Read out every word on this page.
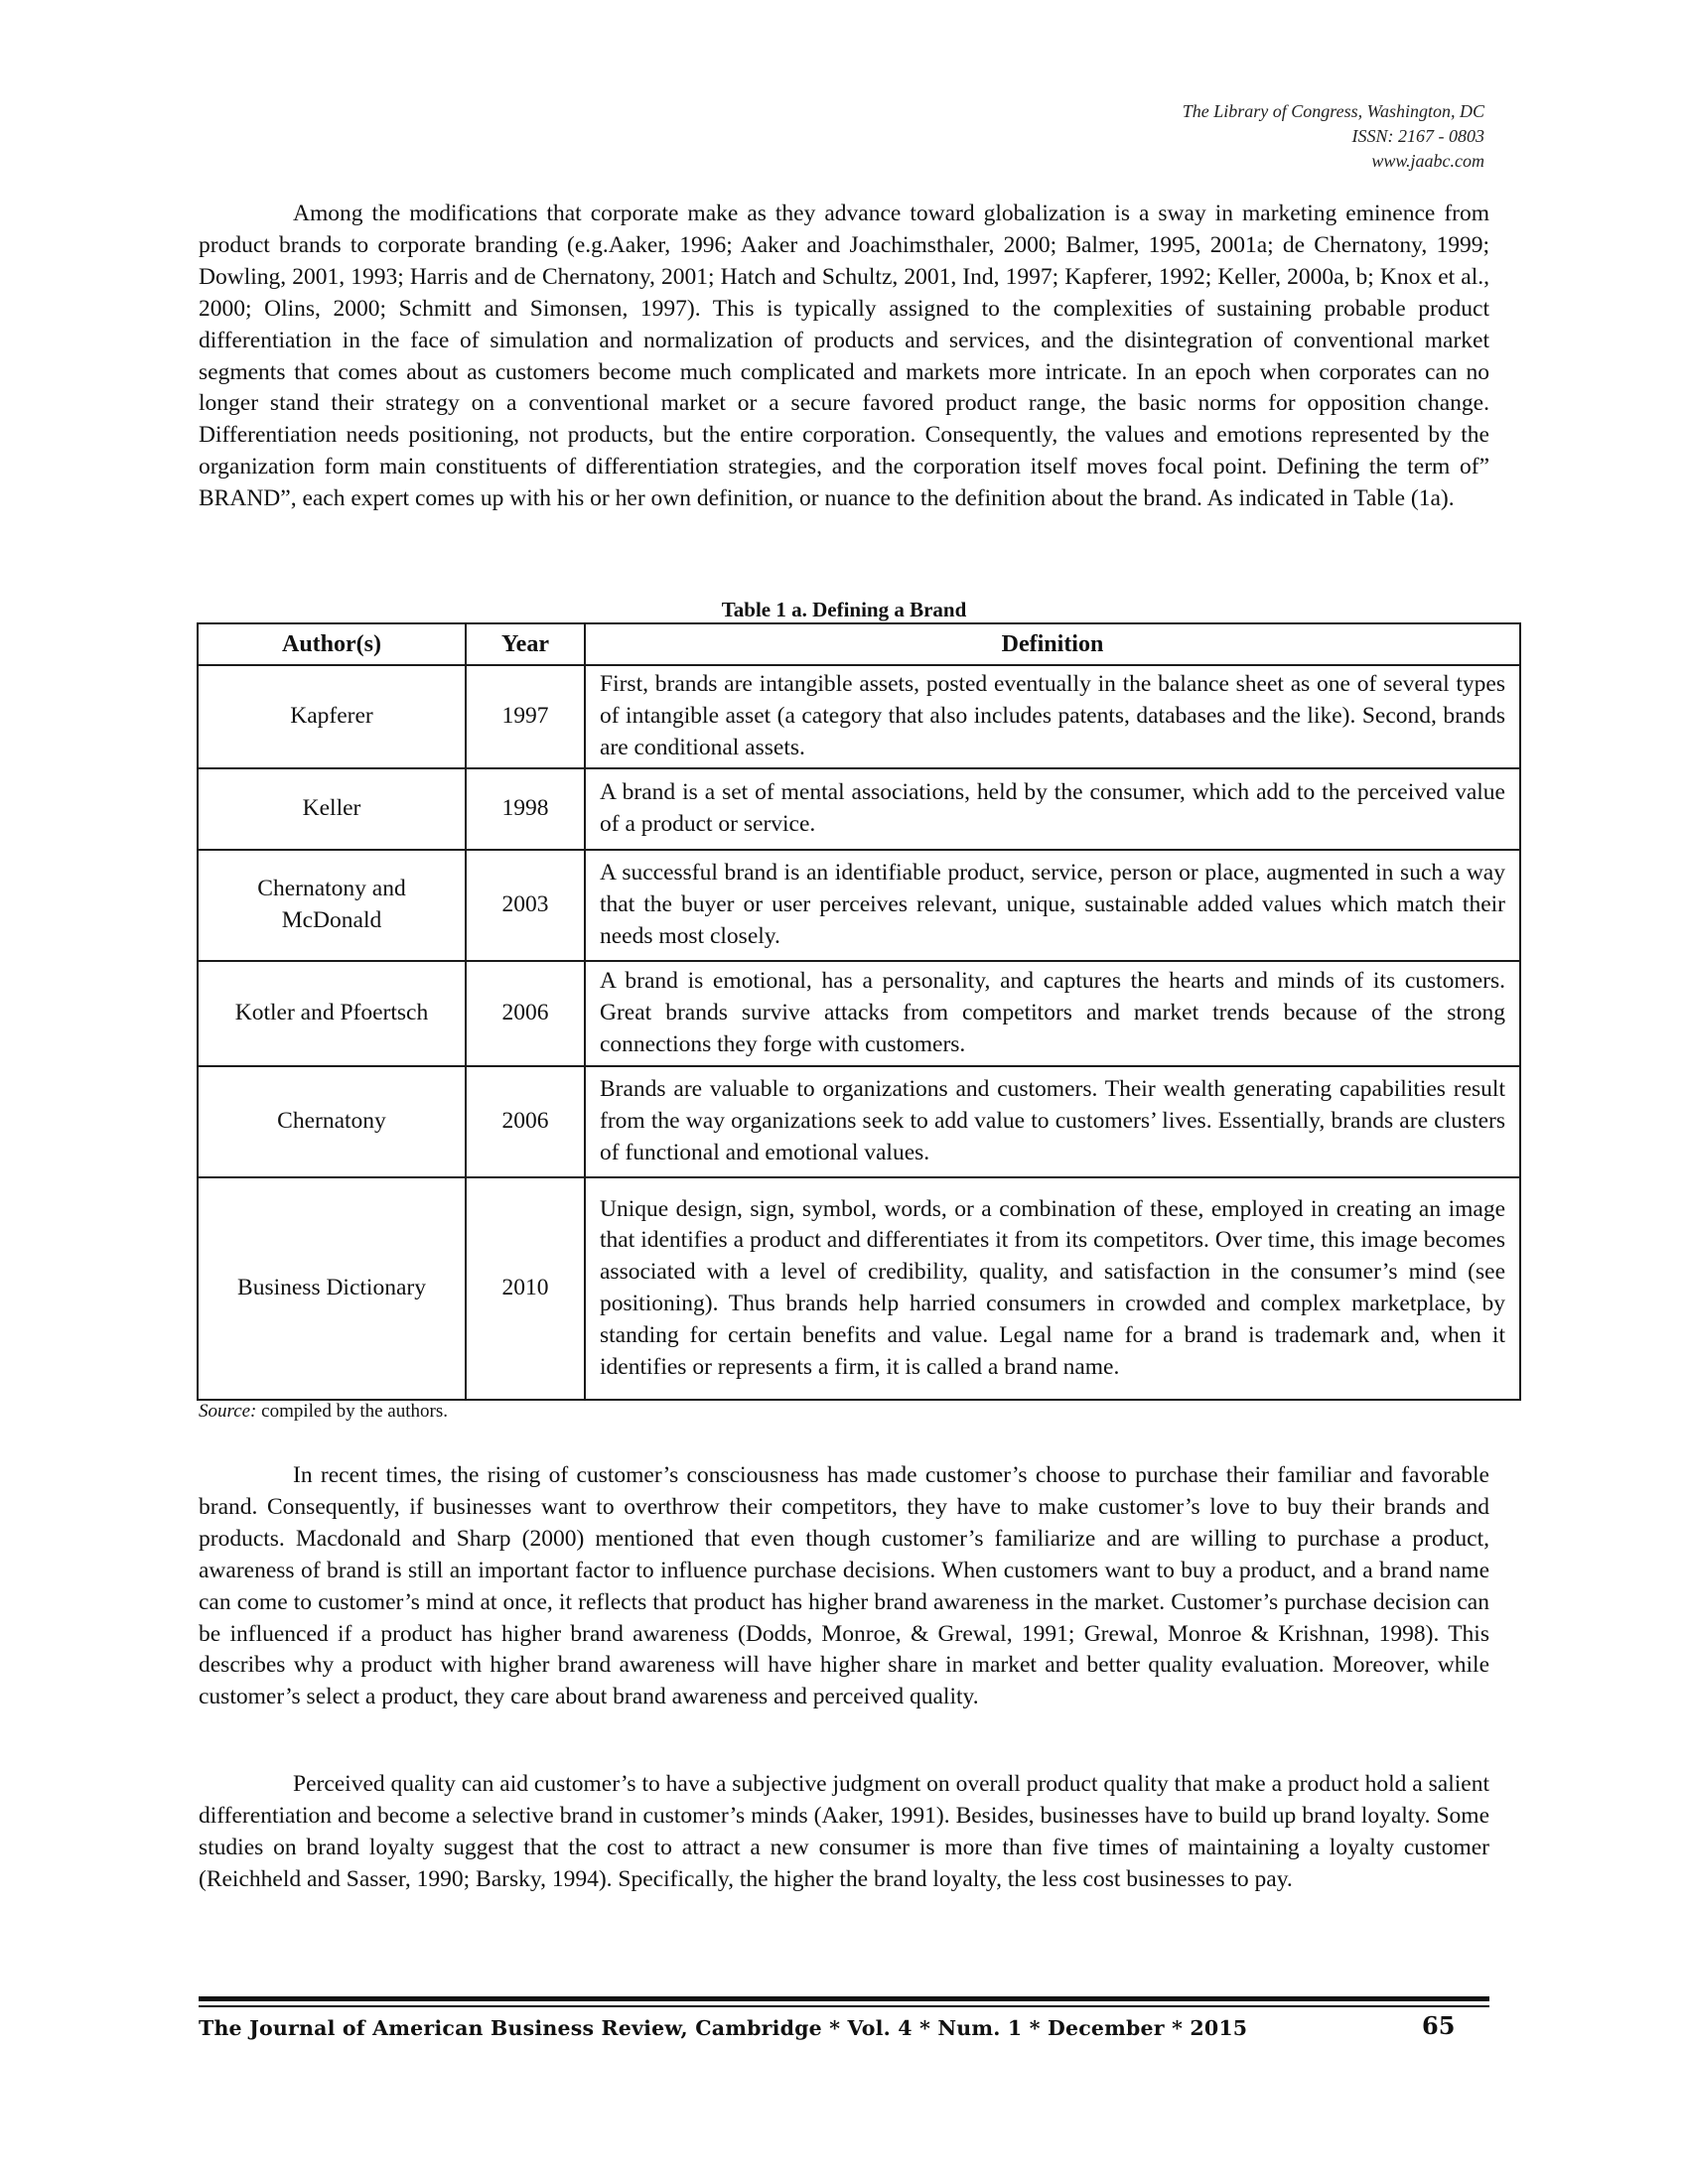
The Library of Congress, Washington, DC
ISSN: 2167 - 0803
www.jaabc.com

Among the modifications that corporate make as they advance toward globalization is a sway in marketing eminence from product brands to corporate branding (e.g.Aaker, 1996; Aaker and Joachimsthaler, 2000; Balmer, 1995, 2001a; de Chernatony, 1999; Dowling, 2001, 1993; Harris and de Chernatony, 2001; Hatch and Schultz, 2001, Ind, 1997; Kapferer, 1992; Keller, 2000a, b; Knox et al., 2000; Olins, 2000; Schmitt and Simonsen, 1997). This is typically assigned to the complexities of sustaining probable product differentiation in the face of simulation and normalization of products and services, and the disintegration of conventional market segments that comes about as customers become much complicated and markets more intricate. In an epoch when corporates can no longer stand their strategy on a conventional market or a secure favored product range, the basic norms for opposition change. Differentiation needs positioning, not products, but the entire corporation. Consequently, the values and emotions represented by the organization form main constituents of differentiation strategies, and the corporation itself moves focal point. Defining the term of” BRAND”, each expert comes up with his or her own definition, or nuance to the definition about the brand. As indicated in Table (1a).

Table 1 a. Defining a Brand
Author(s)	Year	Definition
Kapferer	1997	First, brands are intangible assets, posted eventually in the balance sheet as one of several types of intangible asset (a category that also includes patents, databases and the like). Second, brands are conditional assets.
Keller	1998	A brand is a set of mental associations, held by the consumer, which add to the perceived value of a product or service.
Chernatony and McDonald	2003	A successful brand is an identifiable product, service, person or place, augmented in such a way that the buyer or user perceives relevant, unique, sustainable added values which match their needs most closely.
Kotler and Pfoertsch	2006	A brand is emotional, has a personality, and captures the hearts and minds of its customers. Great brands survive attacks from competitors and market trends because of the strong connections they forge with customers.
Chernatony	2006	Brands are valuable to organizations and customers. Their wealth generating capabilities result from the way organizations seek to add value to customers’ lives. Essentially, brands are clusters of functional and emotional values.
Business Dictionary	2010	Unique design, sign, symbol, words, or a combination of these, employed in creating an image that identifies a product and differentiates it from its competitors. Over time, this image becomes associated with a level of credibility, quality, and satisfaction in the consumer’s mind (see positioning). Thus brands help harried consumers in crowded and complex marketplace, by standing for certain benefits and value. Legal name for a brand is trademark and, when it identifies or represents a firm, it is called a brand name.
Source: compiled by the authors.

In recent times, the rising of customer’s consciousness has made customer’s choose to purchase their familiar and favorable brand. Consequently, if businesses want to overthrow their competitors, they have to make customer’s love to buy their brands and products. Macdonald and Sharp (2000) mentioned that even though customer’s familiarize and are willing to purchase a product, awareness of brand is still an important factor to influence purchase decisions. When customers want to buy a product, and a brand name can come to customer’s mind at once, it reflects that product has higher brand awareness in the market. Customer’s purchase decision can be influenced if a product has higher brand awareness (Dodds, Monroe, & Grewal, 1991; Grewal, Monroe & Krishnan, 1998). This describes why a product with higher brand awareness will have higher share in market and better quality evaluation. Moreover, while customer’s select a product, they care about brand awareness and perceived quality.

Perceived quality can aid customer’s to have a subjective judgment on overall product quality that make a product hold a salient differentiation and become a selective brand in customer’s minds (Aaker, 1991). Besides, businesses have to build up brand loyalty. Some studies on brand loyalty suggest that the cost to attract a new consumer is more than five times of maintaining a loyalty customer (Reichheld and Sasser, 1990; Barsky, 1994). Specifically, the higher the brand loyalty, the less cost businesses to pay.

The Journal of American Business Review, Cambridge * Vol. 4 * Num. 1 * December * 2015	65
